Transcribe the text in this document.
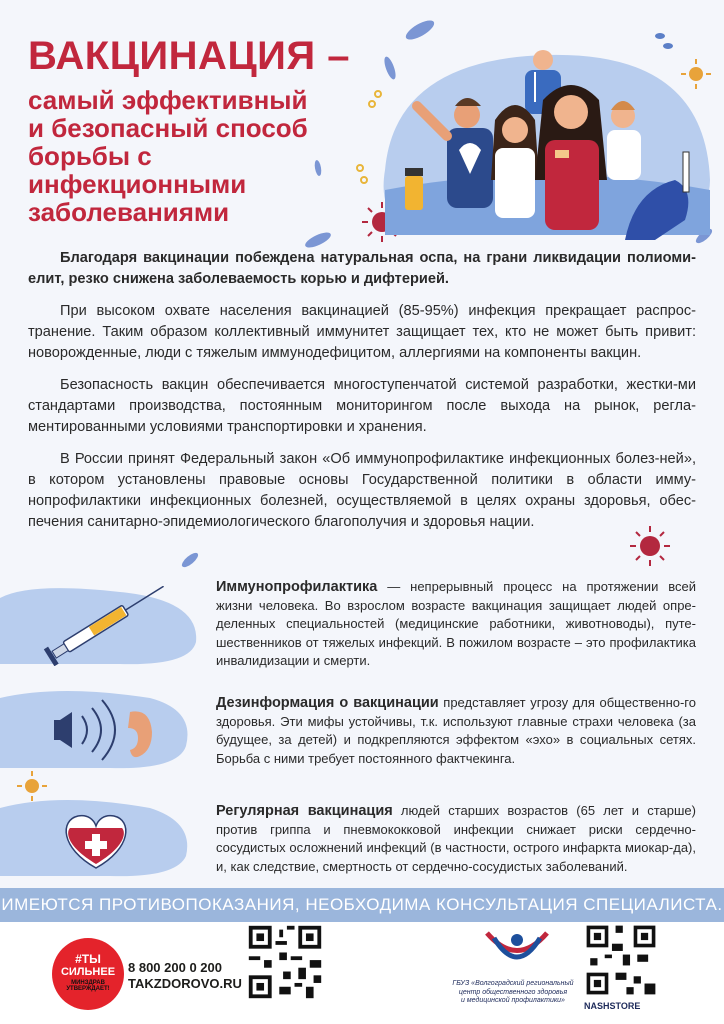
ВАКЦИНАЦИЯ –
самый эффективный
и безопасный способ
борьбы с
инфекционными
заболеваниями

Благодаря вакцинации побеждена натуральная оспа, на грани ликвидации полиоми-елит, резко снижена заболеваемость корью и дифтерией.

При высоком охвате населения вакцинацией (85-95%) инфекция прекращает распрос-транение. Таким образом коллективный иммунитет защищает тех, кто не может быть привит: новорожденные, люди с тяжелым иммунодефицитом, аллергиями на компоненты вакцин.

Безопасность вакцин обеспечивается многоступенчатой системой разработки, жестки-ми стандартами производства, постоянным мониторингом после выхода на рынок, регла-ментированными условиями транспортировки и хранения.

В России принят Федеральный закон «Об иммунопрофилактике инфекционных болез-ней», в котором установлены правовые основы Государственной политики в области имму-нопрофилактики инфекционных болезней, осуществляемой в целях охраны здоровья, обес-печения санитарно-эпидемиологического благополучия и здоровья нации.

Иммунопрофилактика — непрерывный процесс на протяжении всей жизни человека. Во взрослом возрасте вакцинация защищает людей опре-деленных специальностей (медицинские работники, животноводы), путе-шественников от тяжелых инфекций. В пожилом возрасте – это профилактика инвалидизации и смерти.
Дезинформация о вакцинации представляет угрозу для общественно-го здоровья. Эти мифы устойчивы, т.к. используют главные страхи человека (за будущее, за детей) и подкрепляются эффектом «эхо» в социальных сетях. Борьба с ними требует постоянного фактчекинга.
Регулярная вакцинация людей старших возрастов (65 лет и старше) против гриппа и пневмококковой инфекции снижает риски сердечно-сосудистых осложнений инфекций (в частности, острого инфаркта миокар-да), и, как следствие, смертность от сердечно-сосудистых заболеваний.
ИМЕЮТСЯ ПРОТИВОПОКАЗАНИЯ, НЕОБХОДИМА КОНСУЛЬТАЦИЯ СПЕЦИАЛИСТА.
#ТЫ
СИЛЬНЕЕ
МИНЗДРАВ
УТВЕРЖДАЕТ!
8 800 200 0 200
TAKZDOROVO.RU	ГБУЗ «Волгоградский региональный
центр общественного здоровья
и медицинской профилактики»
NASHSTORE
